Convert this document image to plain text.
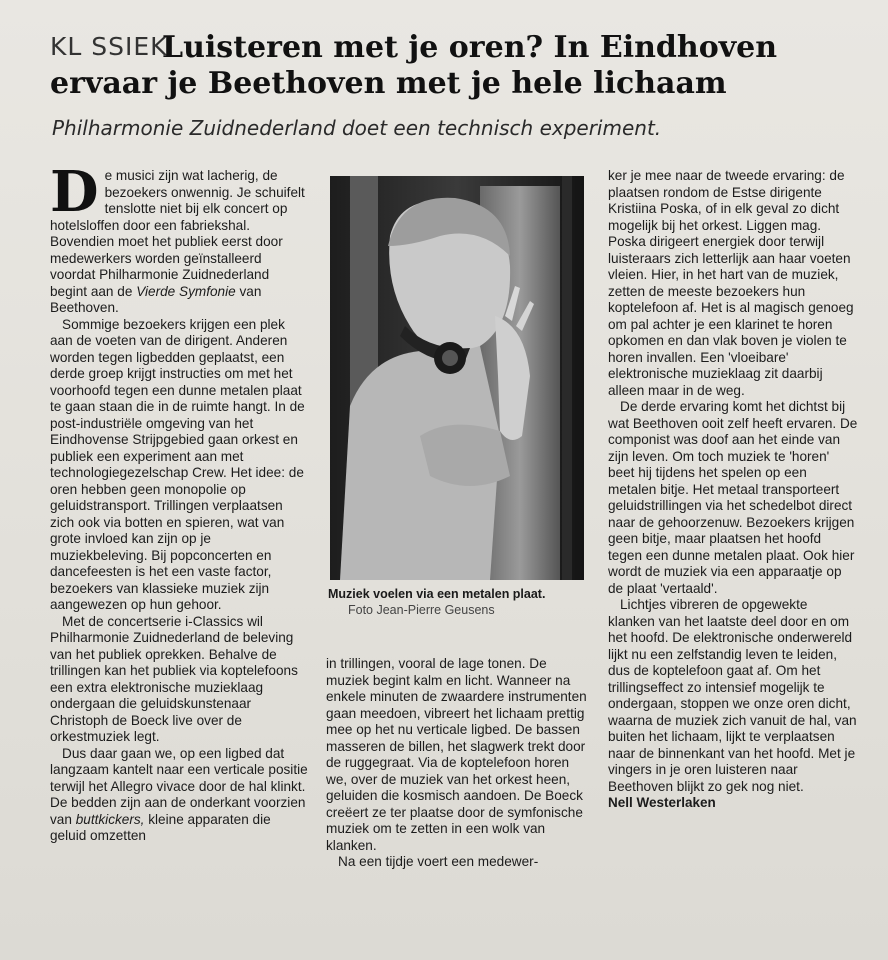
KL SSIEK
Luisteren met je oren? In Eindhoven
ervaar je Beethoven met je hele lichaam

Philharmonie Zuidnederland doet een technisch experiment.

De musici zijn wat lacherig, de bezoekers onwennig. Je schuifelt tenslotte niet bij elk concert op hotelsloffen door een fabriekshal. Bovendien moet het publiek eerst door medewerkers worden geïnstalleerd voordat Philharmonie Zuidnederland begint aan de Vierde Symfonie van Beethoven.

Sommige bezoekers krijgen een plek aan de voeten van de dirigent. Anderen worden tegen ligbedden geplaatst, een derde groep krijgt instructies om met het voorhoofd tegen een dunne metalen plaat te gaan staan die in de ruimte hangt. In de post-industriële omgeving van het Eindhovense Strijpgebied gaan orkest en publiek een experiment aan met technologiegezelschap Crew. Het idee: de oren hebben geen monopolie op geluidstransport. Trillingen verplaatsen zich ook via botten en spieren, wat van grote invloed kan zijn op je muziekbeleving. Bij popconcerten en dancefeesten is het een vaste factor, bezoekers van klassieke muziek zijn aangewezen op hun gehoor.

Met de concertserie i-Classics wil Philharmonie Zuidnederland de beleving van het publiek oprekken. Behalve de trillingen kan het publiek via koptelefoons een extra elektronische muzieklaag ondergaan die geluidskunstenaar Christoph de Boeck live over de orkestmuziek legt.

Dus daar gaan we, op een ligbed dat langzaam kantelt naar een verticale positie terwijl het Allegro vivace door de hal klinkt. De bedden zijn aan de onderkant voorzien van buttkickers, kleine apparaten die geluid omzetten

Muziek voelen via een metalen plaat. Foto Jean-Pierre Geusens

in trillingen, vooral de lage tonen. De muziek begint kalm en licht. Wanneer na enkele minuten de zwaardere instrumenten gaan meedoen, vibreert het lichaam prettig mee op het nu verticale ligbed. De bassen masseren de billen, het slagwerk trekt door de ruggegraat. Via de koptelefoon horen we, over de muziek van het orkest heen, geluiden die kosmisch aandoen. De Boeck creëert ze ter plaatse door de symfonische muziek om te zetten in een wolk van klanken.

Na een tijdje voert een medewer-

ker je mee naar de tweede ervaring: de plaatsen rondom de Estse dirigente Kristiina Poska, of in elk geval zo dicht mogelijk bij het orkest. Liggen mag. Poska dirigeert energiek door terwijl luisteraars zich letterlijk aan haar voeten vleien. Hier, in het hart van de muziek, zetten de meeste bezoekers hun koptelefoon af. Het is al magisch genoeg om pal achter je een klarinet te horen opkomen en dan vlak boven je violen te horen invallen. Een 'vloeibare' elektronische muzieklaag zit daarbij alleen maar in de weg.

De derde ervaring komt het dichtst bij wat Beethoven ooit zelf heeft ervaren. De componist was doof aan het einde van zijn leven. Om toch muziek te 'horen' beet hij tijdens het spelen op een metalen bitje. Het metaal transporteert geluidstrillingen via het schedelbot direct naar de gehoorzenuw. Bezoekers krijgen geen bitje, maar plaatsen het hoofd tegen een dunne metalen plaat. Ook hier wordt de muziek via een apparaatje op de plaat 'vertaald'.

Lichtjes vibreren de opgewekte klanken van het laatste deel door en om het hoofd. De elektronische onderwereld lijkt nu een zelfstandig leven te leiden, dus de koptelefoon gaat af. Om het trillingseffect zo intensief mogelijk te ondergaan, stoppen we onze oren dicht, waarna de muziek zich vanuit de hal, van buiten het lichaam, lijkt te verplaatsen naar de binnenkant van het hoofd. Met je vingers in je oren luisteren naar Beethoven blijkt zo gek nog niet.

Nell Westerlaken
